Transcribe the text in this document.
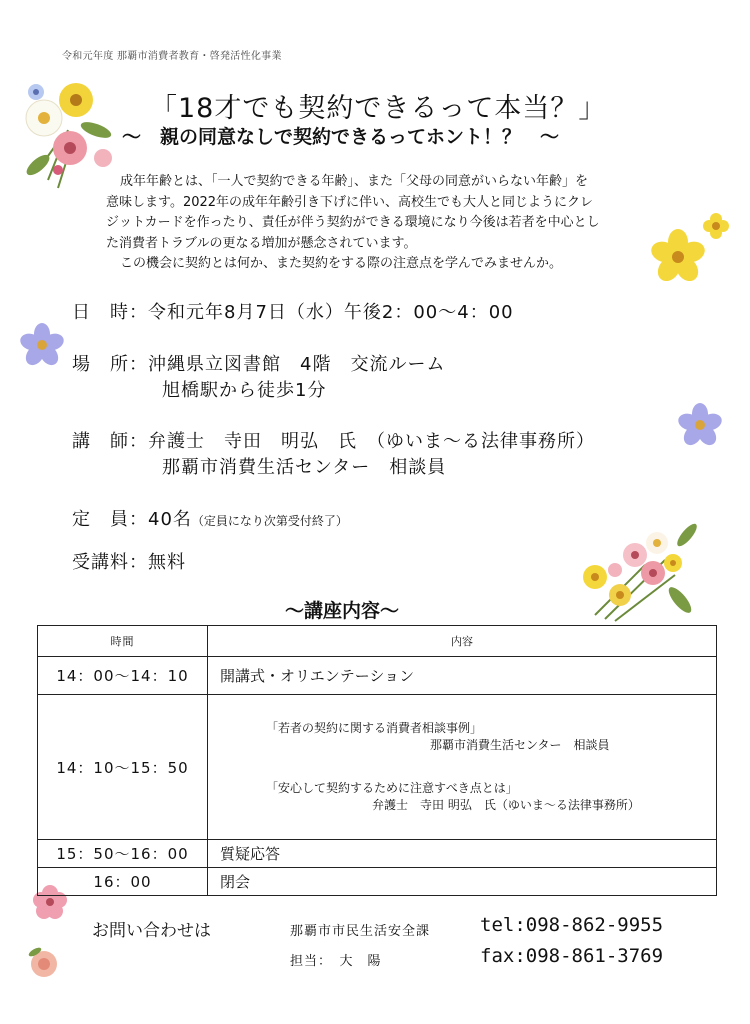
令和元年度 那覇市消費者教育・啓発活性化事業
「18才でも契約できるって本当？」
～　親の同意なしで契約できるってホント！？　～

成年年齢とは、「一人で契約できる年齢」、また「父母の同意がいらない年齢」を

意味します。2022年の成年年齢引き下げに伴い、高校生でも大人と同じようにクレ

ジットカードを作ったり、責任が伴う契約ができる環境になり今後は若者を中心とし

た消費者トラブルの更なる増加が懸念されています。

この機会に契約とは何か、また契約をする際の注意点を学んでみませんか。

日　時：令和元年8月7日（水）午後2：00～4：00
場　所：沖縄県立図書館　4階　交流ルーム
旭橋駅から徒歩1分
講　師：弁護士　寺田　明弘　氏　（ゆいま～る法律事務所）
那覇市消費生活センター　相談員
定　員：40名（定員になり次第受付終了）
受講料：無料
～講座内容～
時間	内容
14：00～14：10	開講式・オリエンテーション
14：10～15：50	「若者の契約に関する消費者相談事例」
那覇市消費生活センター　相談員
「安心して契約するために注意すべき点とは」
弁護士　寺田 明弘　氏（ゆいま～る法律事務所）

15：50～16：00	質疑応答
16：00	閉会
お問い合わせは	那覇市市民生活安全課
担当：　大　陽
tel:098-862-9955
fax:098-861-3769
